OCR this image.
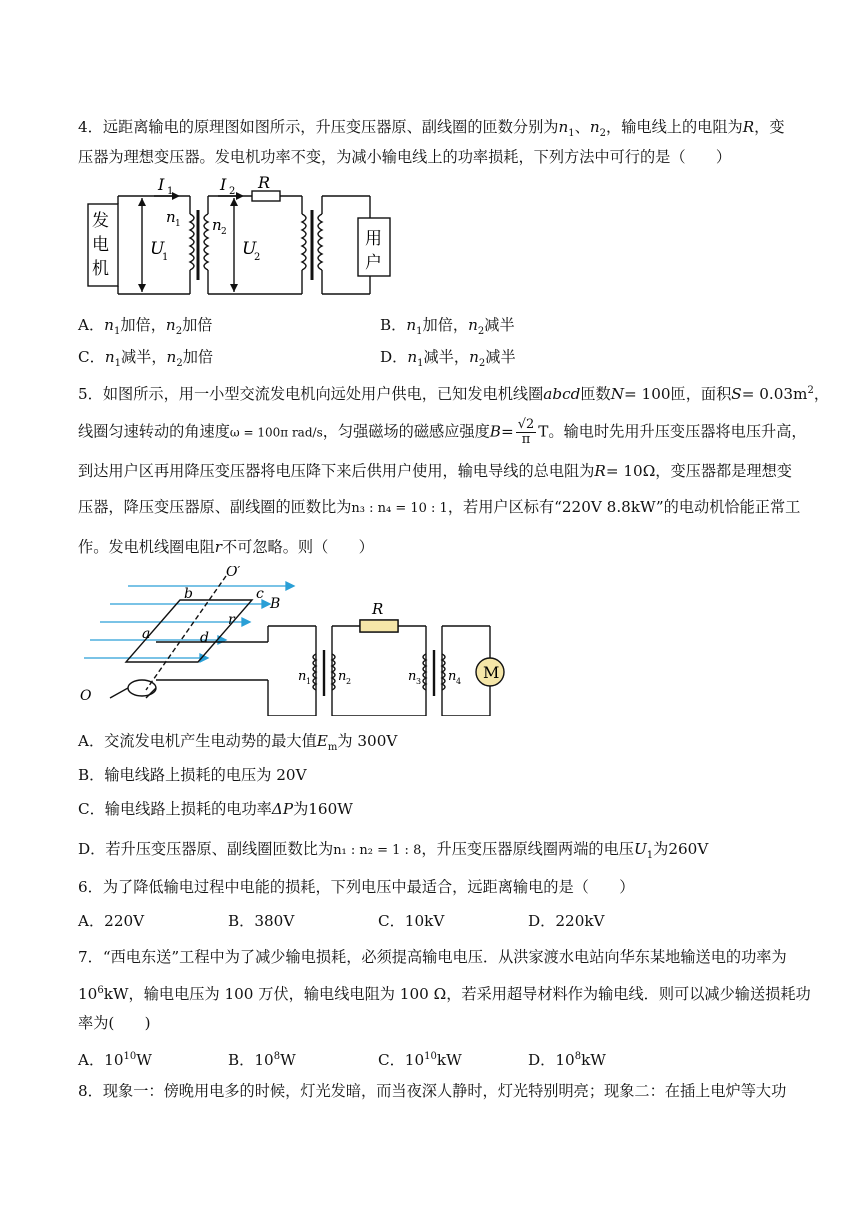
4．远距离输电的原理图如图所示，升压变压器原、副线圈的匝数分别为$n_1$、$n_2$，输电线上的电阻为R，变
压器为理想变压器。发电机功率不变，为减小输电线上的功率损耗，下列方法中可行的是（　　）
发
电
机
用
户
I 1	I 2 R
U
1	U
2
n 1 n 2
A．$n_1$加倍，$n_2$加倍	B．$n_1$加倍，$n_2$减半
C．$n_1$减半，$n_2$加倍	D．$n_1$减半，$n_2$减半
5．如图所示，用一小型交流发电机向远处用户供电，已知发电机线圈abcd匝数N= 100匝，面积$S= 0.03m^2$，
线圈匀速转动的角速度ω = 100π rad/s，匀强磁场的磁感应强度$B= \frac{√2}{\pi}$ T。输电时先用升压变压器将电压升高，
到达用户区再用降压变压器将电压降下来后供用户使用，输电导线的总电阻为R= 10Ω，变压器都是理想变
压器，降压变压器原、副线圈的匝数比为n₃ : n₄ = 10 : 1，若用户区标有“220V 8.8kW”的电动机恰能正常工
作。发电机线圈电阻r不可忽略。则（　　）
M
R
O′
O
b	c
B
a	d
r
n 1 n 2	n 3 n 4
A．交流发电机产生电动势的最大值$E_m$为 300V
B．输电线路上损耗的电压为 20V
C．输电线路上损耗的电功率ΔP为160W
D．若升压变压器原、副线圈匝数比为n₁ : n₂ = 1 : 8，升压变压器原线圈两端的电压$U_1$为260V
6．为了降低输电过程中电能的损耗，下列电压中最适合，远距离输电的是（　　）
A．220V	B．380V	C．10kV	D．220kV
7．“西电东送”工程中为了减少输电损耗，必须提高输电电压．从洪家渡水电站向华东某地输送电的功率为
$10^6kW$，输电电压为 100 万伏，输电线电阻为 100 Ω，若采用超导材料作为输电线．则可以减少输送损耗功
率为(　　)
A．$10^{10}W$	B．$10^8W$	C．$10^{10}kW$	D．$10^8kW$
8．现象一：傍晚用电多的时候，灯光发暗，而当夜深人静时，灯光特别明亮；现象二：在插上电炉等大功
